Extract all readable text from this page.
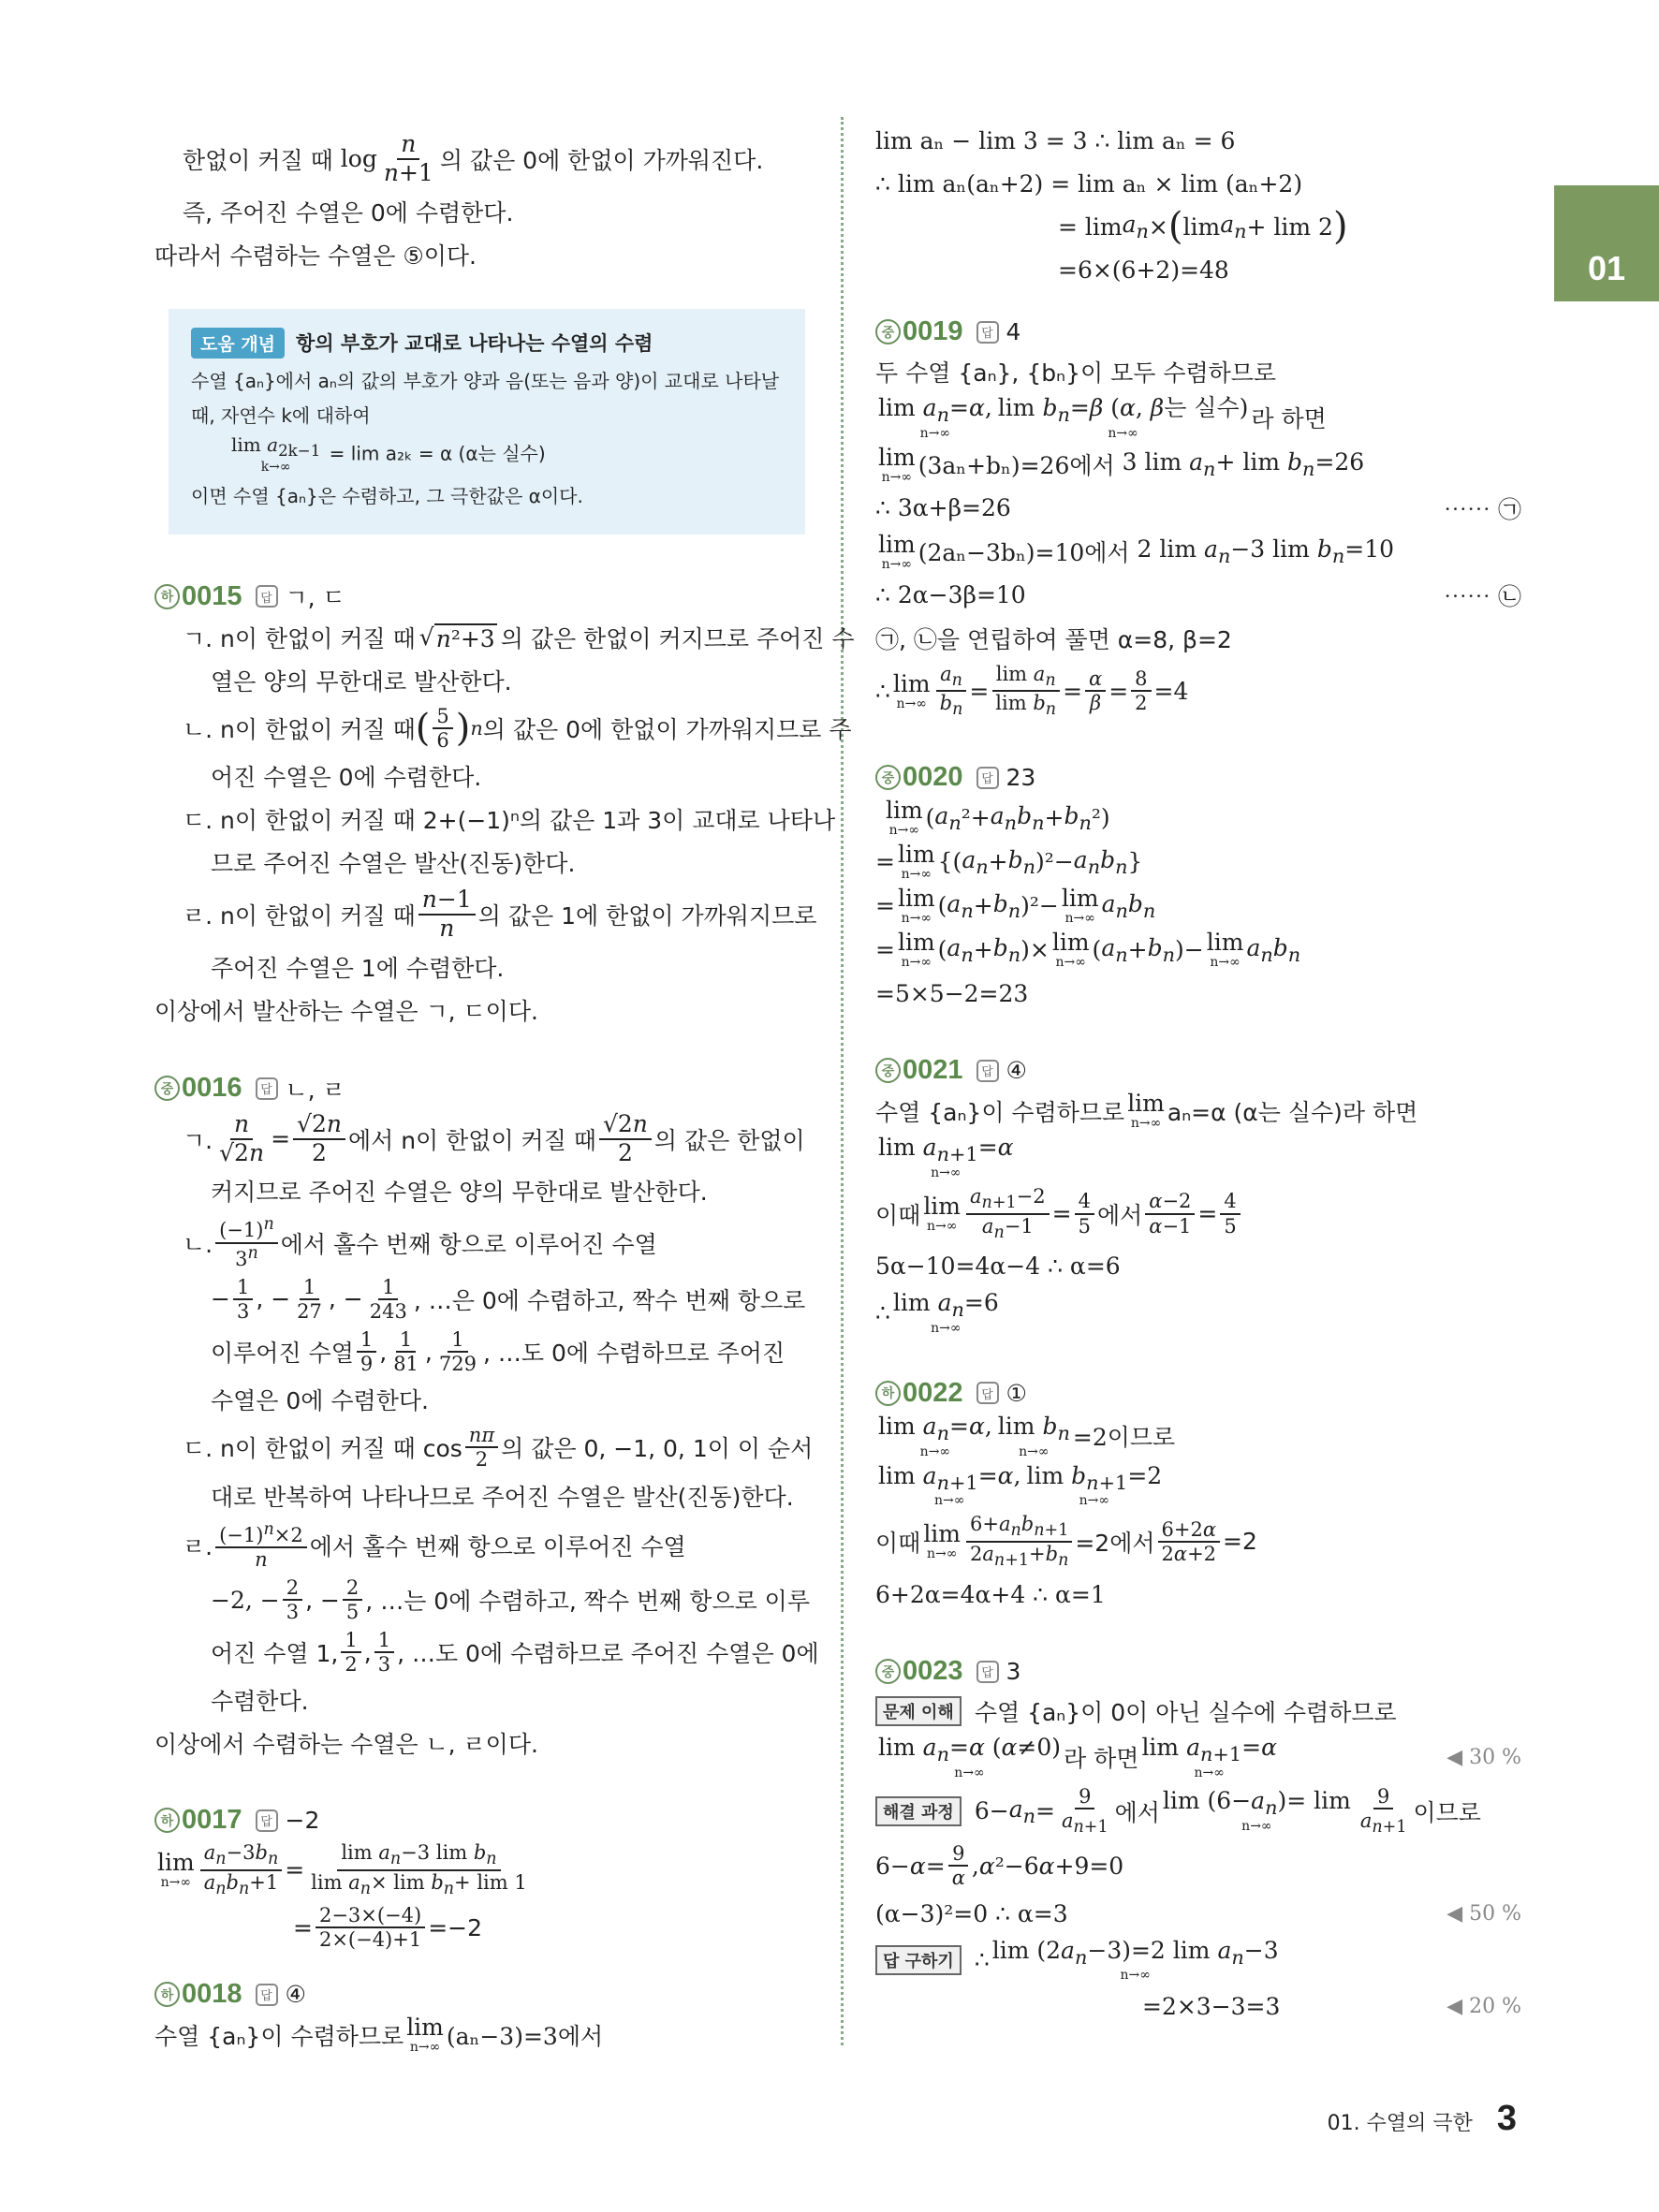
01
한없이 커질 때 $\log \frac{n}{n+1}$ 의 값은 0에 한없이 가까워진다.
즉, 주어진 수열은 0에 수렴한다.
따라서 수렴하는 수열은 ⑤이다.
도움 개념	항의 부호가 교대로 나타나는 수열의 수렴
수열 {aₙ}에서 aₙ의 값의 부호가 양과 음(또는 음과 양)이 교대로 나타날
때, 자연수 k에 대하여
$\lim a_{2k-1}$
k→∞
= lim a₂ₖ = α (α는 실수)
이면 수열 {aₙ}은 수렴하고, 그 극한값은 α이다.
하 0015	답 ㄱ, ㄷ
ㄱ. n이 한없이 커질 때 √ n²+3 의 값은 한없이 커지므로 주어진 수
열은 양의 무한대로 발산한다.
ㄴ. n이 한없이 커질 때 ( $\frac{5}{6}$ ) n 의 값은 0에 한없이 가까워지므로 주
어진 수열은 0에 수렴한다.
ㄷ. n이 한없이 커질 때 2+(−1)ⁿ의 값은 1과 3이 교대로 나타나
므로 주어진 수열은 발산(진동)한다.
ㄹ. n이 한없이 커질 때 $\frac{n-1}{n}$ 의 값은 1에 한없이 가까워지므로
주어진 수열은 1에 수렴한다.
이상에서 발산하는 수열은 ㄱ, ㄷ이다.
중 0016	답 ㄴ, ㄹ
ㄱ. $\frac{n}{√2n} = \frac{√2n}{2}$ 에서 n이 한없이 커질 때 $\frac{√2n}{2}$ 의 값은 한없이
커지므로 주어진 수열은 양의 무한대로 발산한다.
ㄴ. $\frac{(-1)^n}{3^n}$ 에서 홀수 번째 항으로 이루어진 수열
− $\frac{1}{3}$ , − $\frac{1}{27}$ , − $\frac{1}{243}$ , …은 0에 수렴하고, 짝수 번째 항으로
이루어진 수열 $\frac{1}{9}$ , $\frac{1}{81}$ , $\frac{1}{729}$ , …도 0에 수렴하므로 주어진
수열은 0에 수렴한다.
ㄷ. n이 한없이 커질 때 $\cos \frac{n\pi}{2}$ 의 값은 0, −1, 0, 1이 이 순서
대로 반복하여 나타나므로 주어진 수열은 발산(진동)한다.
ㄹ. $\frac{(-1)^n\times 2}{n}$ 에서 홀수 번째 항으로 이루어진 수열
−2, − $\frac{2}{3}$ , − $\frac{2}{5}$ , …는 0에 수렴하고, 짝수 번째 항으로 이루
어진 수열 1, $\frac{1}{2}$ , $\frac{1}{3}$ , …도 0에 수렴하므로 주어진 수열은 0에
수렴한다.
이상에서 수렴하는 수열은 ㄴ, ㄹ이다.
하 0017	답 −2
lim
$n\to\infty \frac{a_n-3b_n}{a_nb_n+1} = \frac{\lim a_n-3 \lim b_n}{\lim a_n\times \lim b_n+ \lim 1}$
= $\frac{2-3\times(-4)}{2\times(-4)+1} =-2$
하 0018	답 ④
수열 {aₙ}이 수렴하므로 lim
n→∞ (aₙ−3)=3에서
lim aₙ − lim 3 = 3 ∴ lim aₙ = 6
∴ lim aₙ(aₙ+2) = lim aₙ × lim (aₙ+2)
= $\lim a_n$ × ( $\lim a_n + \lim 2$ )
=6×(6+2)=48
중 0019	답 4
두 수열 {aₙ}, {bₙ}이 모두 수렴하므로
$\lim a_n=\alpha$,
n→∞
$\lim b_n=\beta$ (α, β는 실수)
n→∞
라 하면
lim
n→∞ (3aₙ+bₙ)=26에서 3 $\lim a_n+ \lim b_n=26$
∴ 3α+β=26	⋯⋯ ㉠
lim
n→∞ (2aₙ−3bₙ)=10에서 2 $\lim a_n-3$ $\lim b_n=10$
∴ 2α−3β=10	⋯⋯ ㉡
㉠, ㉡을 연립하여 풀면 α=8, β=2
∴ lim
$n\to\infty \frac{a_n}{b_n} = \frac{\lim a_n}{\lim b_n} = \frac{\alpha}{\beta} = \frac{8}{2} =4$
중 0020	답 23

lim
n→∞ ( $a_n$ $^2+ a_nb_n + b_n$ ²)
= lim
n→∞ {( $a_n + b_n$ )$^2- a_nb_n$ }
= lim
n→∞ ( $a_n + b_n$ )²− lim
n→∞
$a_nb_n$
= lim
n→∞ ( $a_n + b_n$ )× lim
n→∞ ( $a_n + b_n$ )− lim
n→∞
$a_nb_n$
=5×5−2=23
중 0021	답 ④
수열 {aₙ}이 수렴하므로 lim
n→∞ aₙ=α (α는 실수)라 하면
$\lim a_{n+1}=\alpha$
n→∞
이때 lim
$n\to\infty \frac{a_{n+1}-2}{a_n-1} = \frac{4}{5}$ 에서 $\frac{\alpha-2}{\alpha-1} = \frac{4}{5}$
5α−10=4α−4 ∴ α=6
∴ $\lim a_n=6$
n→∞
하 0022	답 ①
$\lim a_n=\alpha$,
n→∞
$\lim b_n$
n→∞
=2이므로
$\lim a_{n+1}=\alpha$,
n→∞
$\lim b_{n+1}=2$
n→∞
이때 lim
$n\to\infty \frac{6+a_nb_{n+1}}{2a_{n+1}+b_n} =2$에서 $\frac{6+2\alpha}{2\alpha+2} =2$
6+2α=4α+4 ∴ α=1
중 0023	답 3
문제 이해 수열 {aₙ}이 0이 아닌 실수에 수렴하므로
$\lim a_n=\alpha$ (α≠0)
n→∞
라 하면 $\lim a_{n+1}=\alpha$
n→∞
◀ 30 %
해결 과정 $6- a_n = \frac{9}{a_{n+1}}$ 에서 $\lim (6-a_n)= \lim$
n→∞	$\frac{9}{a_{n+1}}$ 이므로
$6- \alpha = \frac{9}{\alpha}$ , α ²−6 α +9=0
(α−3)²=0 ∴ α=3	◀ 50 %
답 구하기 ∴ $\lim (2a_n-3)=2$ $\lim a_n-3$
n→∞
=2×3−3=3	◀ 20 %
01. 수열의 극한 3
